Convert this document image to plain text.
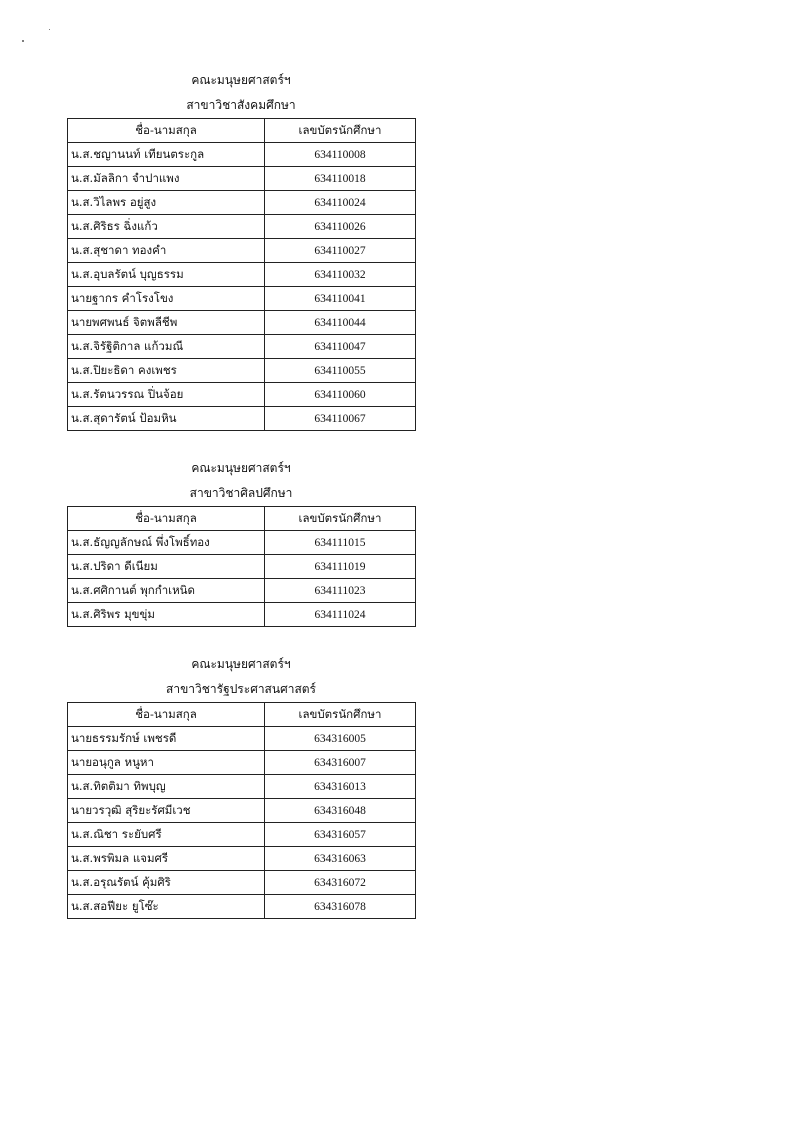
คณะมนุษยศาสตร์ฯ
สาขาวิชาสังคมศึกษา
ชื่อ-นามสกุล	เลขบัตรนักศึกษา
น.ส.ชญานนท์ เทียนตระกูล	634110008
น.ส.มัลลิกา จำปาแพง	634110018
น.ส.วิไลพร อยู่สูง	634110024
น.ส.ศิริธร ฉิ่งแก้ว	634110026
น.ส.สุชาดา ทองคำ	634110027
น.ส.อุบลรัตน์ บุญธรรม	634110032
นายฐากร คำโรงโขง	634110041
นายพศพนธ์ จิตพลีชีพ	634110044
น.ส.จิรัฐิติกาล แก้วมณี	634110047
น.ส.ปิยะธิดา คงเพชร	634110055
น.ส.รัตนวรรณ ปิ่นจ้อย	634110060
น.ส.สุดารัตน์ ป้อมหิน	634110067
คณะมนุษยศาสตร์ฯ
สาขาวิชาศิลปศึกษา
ชื่อ-นามสกุล	เลขบัตรนักศึกษา
น.ส.ธัญญลักษณ์ พึ่งโพธิ์ทอง	634111015
น.ส.ปริดา ดีเนียม	634111019
น.ส.ศศิกานต์ พุกกำเหนิด	634111023
น.ส.ศิริพร มุขขุ่ม	634111024
คณะมนุษยศาสตร์ฯ
สาขาวิชารัฐประศาสนศาสตร์
ชื่อ-นามสกุล	เลขบัตรนักศึกษา
นายธรรมรักษ์ เพชรดี	634316005
นายอนุกูล หนูหา	634316007
น.ส.ทิตติมา ทิพบุญ	634316013
นายวรวุฒิ สุริยะรัศมีเวช	634316048
น.ส.ณิชา ระยับศรี	634316057
น.ส.พรพิมล แจมศรี	634316063
น.ส.อรุณรัตน์ คุ้มศิริ	634316072
น.ส.สอฟียะ ยูโซ๊ะ	634316078
